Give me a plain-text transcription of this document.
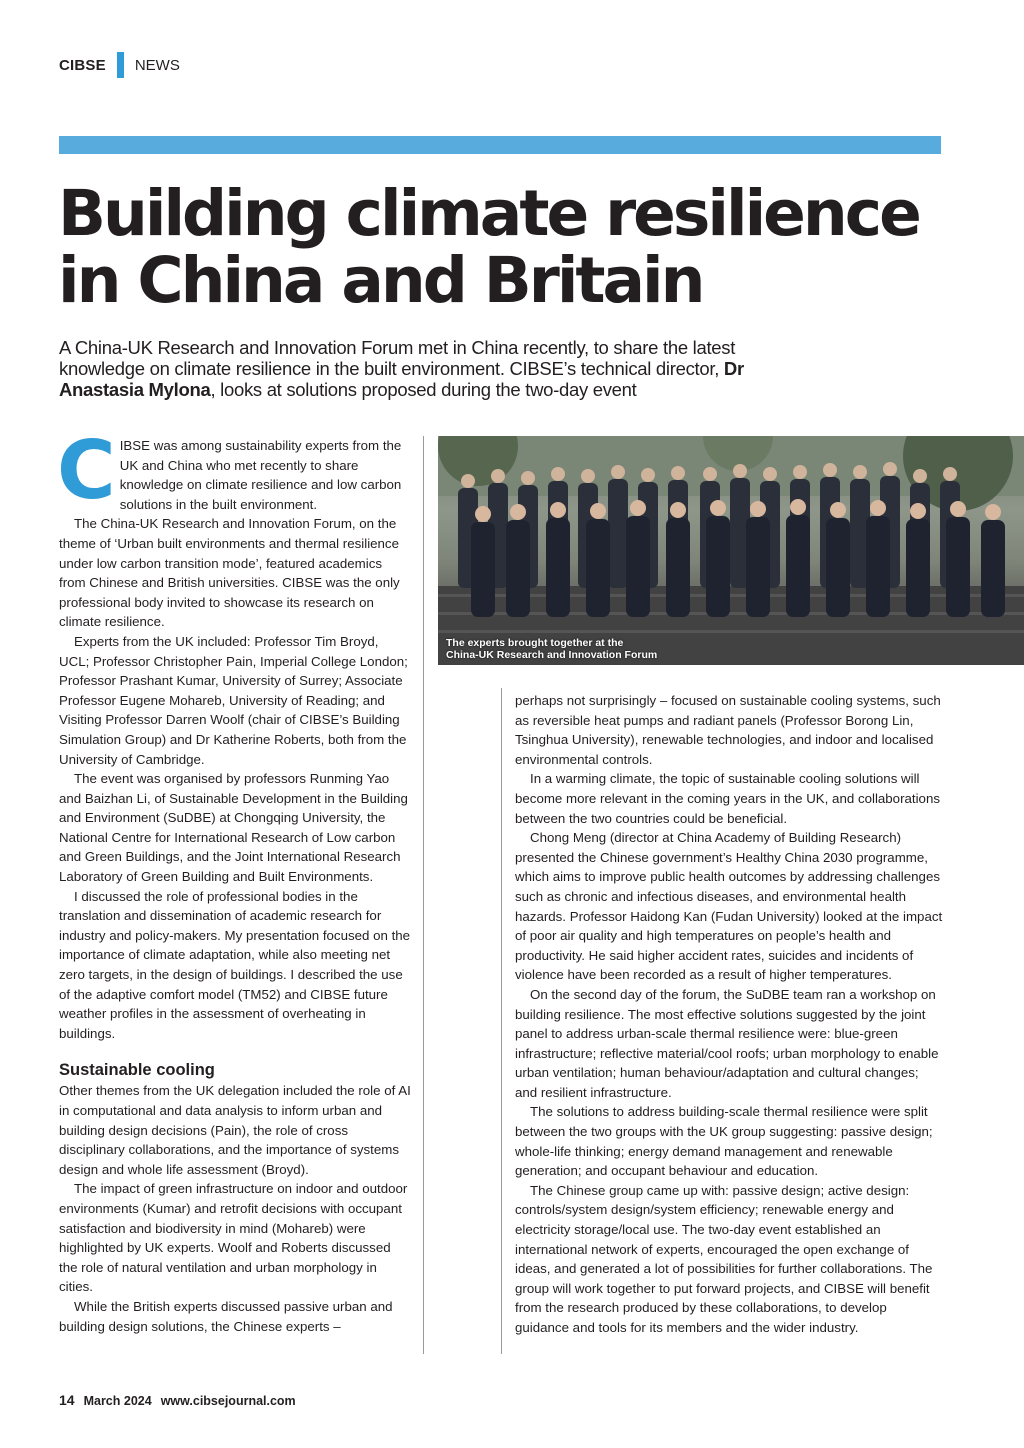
CIBSE NEWS
Building climate resilience in China and Britain
A China-UK Research and Innovation Forum met in China recently, to share the latest knowledge on climate resilience in the built environment. CIBSE’s technical director, Dr Anastasia Mylona, looks at solutions proposed during the two-day event

CIBSE was among sustainability experts from the UK and China who met recently to share knowledge on climate resilience and low carbon solutions in the built environment.

The China-UK Research and Innovation Forum, on the theme of ‘Urban built environments and thermal resilience under low carbon transition mode’, featured academics from Chinese and British universities. CIBSE was the only professional body invited to showcase its research on climate resilience.

Experts from the UK included: Professor Tim Broyd, UCL; Professor Christopher Pain, Imperial College London; Professor Prashant Kumar, University of Surrey; Associate Professor Eugene Mohareb, University of Reading; and Visiting Professor Darren Woolf (chair of CIBSE’s Building Simulation Group) and Dr Katherine Roberts, both from the University of Cambridge.

The event was organised by professors Runming Yao and Baizhan Li, of Sustainable Development in the Building and Environment (SuDBE) at Chongqing University, the National Centre for International Research of Low carbon and Green Buildings, and the Joint International Research Laboratory of Green Building and Built Environments.

I discussed the role of professional bodies in the translation and dissemination of academic research for industry and policy-makers. My presentation focused on the importance of climate adaptation, while also meeting net zero targets, in the design of buildings. I described the use of the adaptive comfort model (TM52) and CIBSE future weather profiles in the assessment of overheating in buildings.

Sustainable cooling

Other themes from the UK delegation included the role of AI in computational and data analysis to inform urban and building design decisions (Pain), the role of cross disciplinary collaborations, and the importance of systems design and whole life assessment (Broyd).

The impact of green infrastructure on indoor and outdoor environments (Kumar) and retrofit decisions with occupant satisfaction and biodiversity in mind (Mohareb) were highlighted by UK experts. Woolf and Roberts discussed the role of natural ventilation and urban morphology in cities.

While the British experts discussed passive urban and building design solutions, the Chinese experts –

The experts brought together at the
China-UK Research and Innovation Forum

perhaps not surprisingly – focused on sustainable cooling systems, such as reversible heat pumps and radiant panels (Professor Borong Lin, Tsinghua University), renewable technologies, and indoor and localised environmental controls.

In a warming climate, the topic of sustainable cooling solutions will become more relevant in the coming years in the UK, and collaborations between the two countries could be beneficial.

Chong Meng (director at China Academy of Building Research) presented the Chinese government’s Healthy China 2030 programme, which aims to improve public health outcomes by addressing challenges such as chronic and infectious diseases, and environmental health hazards. Professor Haidong Kan (Fudan University) looked at the impact of poor air quality and high temperatures on people’s health and productivity. He said higher accident rates, suicides and incidents of violence have been recorded as a result of higher temperatures.

On the second day of the forum, the SuDBE team ran a workshop on building resilience. The most effective solutions suggested by the joint panel to address urban-scale thermal resilience were: blue-green infrastructure; reflective material/cool roofs; urban morphology to enable urban ventilation; human behaviour/adaptation and cultural changes; and resilient infrastructure.

The solutions to address building-scale thermal resilience were split between the two groups with the UK group suggesting: passive design; whole-life thinking; energy demand management and renewable generation; and occupant behaviour and education.

The Chinese group came up with: passive design; active design: controls/system design/system efficiency; renewable energy and electricity storage/local use. The two-day event established an international network of experts, encouraged the open exchange of ideas, and generated a lot of possibilities for further collaborations. The group will work together to put forward projects, and CIBSE will benefit from the research produced by these collaborations, to develop guidance and tools for its members and the wider industry.

14 March 2024 www.cibsejournal.com
